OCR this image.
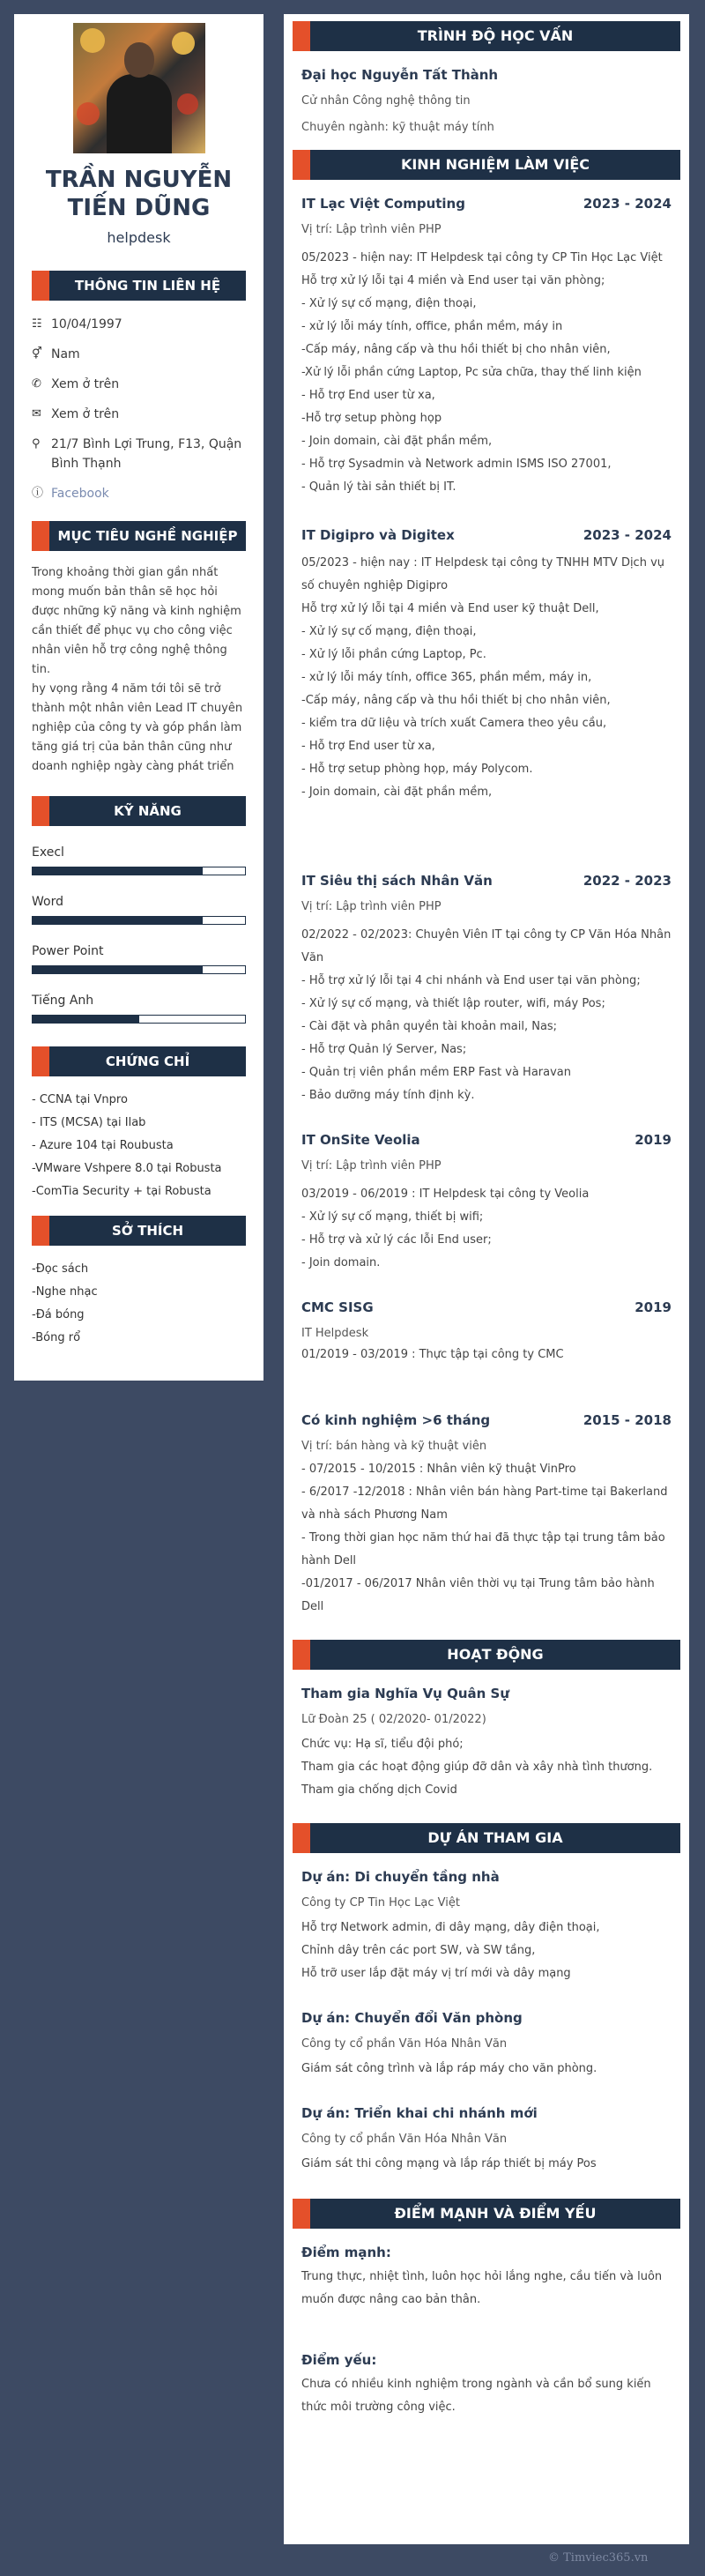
TRẦN NGUYỄN TIẾN DŨNG
helpdesk
THÔNG TIN LIÊN HỆ
☷ 10/04/1997
⚥ Nam
✆ Xem ở trên
✉ Xem ở trên
⚲ 21/7 Bình Lợi Trung, F13, Quận Bình Thạnh
ⓘ Facebook
MỤC TIÊU NGHỀ NGHIỆP
Trong khoảng thời gian gần nhất mong muốn bản thân sẽ học hỏi được những kỹ năng và kinh nghiệm cần thiết để phục vụ cho công việc nhân viên hỗ trợ công nghệ thông tin.
hy vọng rằng 4 năm tới tôi sẽ trở thành một nhân viên Lead IT chuyên nghiệp của công ty và góp phần làm tăng giá trị của bản thân cũng như doanh nghiệp ngày càng phát triển
KỸ NĂNG
Execl
Word
Power Point
Tiếng Anh
CHỨNG CHỈ
- CCNA tại Vnpro
- ITS (MCSA) tại Ilab
- Azure 104 tại Roubusta
-VMware Vshpere 8.0 tại Robusta
-ComTia Security + tại Robusta
SỞ THÍCH
-Đọc sách
-Nghe nhạc
-Đá bóng
-Bóng rổ
TRÌNH ĐỘ HỌC VẤN
Đại học Nguyễn Tất Thành
Cử nhân Công nghệ thông tin
Chuyên ngành: kỹ thuật máy tính
KINH NGHIỆM LÀM VIỆC
IT Lạc Việt Computing	2023 - 2024
Vị trí: Lập trình viên PHP
05/2023 - hiện nay: IT Helpdesk tại công ty CP Tin Học Lạc Việt
Hỗ trợ xử lý lỗi tại 4 miền và End user tại văn phòng;
- Xử lý sự cố mạng, điện thoại,
- xử lý lỗi máy tính, office, phần mềm, máy in
-Cấp máy, nâng cấp và thu hồi thiết bị cho nhân viên,
-Xử lý lỗi phần cứng Laptop, Pc sửa chữa, thay thế linh kiện
- Hỗ trợ End user từ xa,
-Hỗ trợ setup phòng họp
- Join domain, cài đặt phần mềm,
- Hỗ trợ Sysadmin và Network admin ISMS ISO 27001,
- Quản lý tài sản thiết bị IT.
IT Digipro và Digitex	2023 - 2024
05/2023 - hiện nay : IT Helpdesk tại công ty TNHH MTV Dịch vụ số chuyên nghiệp Digipro
Hỗ trợ xử lý lỗi tại 4 miền và End user kỹ thuật Dell,
- Xử lý sự cố mạng, điện thoại,
- Xử lý lỗi phần cứng Laptop, Pc.
- xử lý lỗi máy tính, office 365, phần mềm, máy in,
-Cấp máy, nâng cấp và thu hồi thiết bị cho nhân viên,
- kiểm tra dữ liệu và trích xuất Camera theo yêu cầu,
- Hỗ trợ End user từ xa,
- Hỗ trợ setup phòng họp, máy Polycom.
- Join domain, cài đặt phần mềm,
IT Siêu thị sách Nhân Văn	2022 - 2023
Vị trí: Lập trình viên PHP
02/2022 - 02/2023: Chuyên Viên IT tại công ty CP Văn Hóa Nhân Văn
- Hỗ trợ xử lý lỗi tại 4 chi nhánh và End user tại văn phòng;
- Xử lý sự cố mạng, và thiết lập router, wifi, máy Pos;
- Cài đặt và phân quyền tài khoản mail, Nas;
- Hỗ trợ Quản lý Server, Nas;
- Quản trị viên phần mềm ERP Fast và Haravan
- Bảo dưỡng máy tính định kỳ.
IT OnSite Veolia	2019
Vị trí: Lập trình viên PHP
03/2019 - 06/2019 : IT Helpdesk tại công ty Veolia
- Xử lý sự cố mạng, thiết bị wifi;
- Hỗ trợ và xử lý các lỗi End user;
- Join domain.
CMC SISG	2019
IT Helpdesk
01/2019 - 03/2019 : Thực tập tại công ty CMC
Có kinh nghiệm >6 tháng	2015 - 2018
Vị trí: bán hàng và kỹ thuật viên
- 07/2015 - 10/2015 : Nhân viên kỹ thuật VinPro
- 6/2017 -12/2018 : Nhân viên bán hàng Part-time tại Bakerland và nhà sách Phương Nam
- Trong thời gian học năm thứ hai đã thực tập tại trung tâm bảo hành Dell
-01/2017 - 06/2017 Nhân viên thời vụ tại Trung tâm bảo hành Dell
HOẠT ĐỘNG
Tham gia Nghĩa Vụ Quân Sự
Lữ Đoàn 25 ( 02/2020- 01/2022)
Chức vụ: Hạ sĩ, tiểu đội phó;
Tham gia các hoạt động giúp đỡ dân và xây nhà tình thương.
Tham gia chống dịch Covid
DỰ ÁN THAM GIA
Dự án: Di chuyển tầng nhà
Công ty CP Tin Học Lạc Việt
Hỗ trợ Network admin, đi dây mạng, dây điện thoại,
Chỉnh dây trên các port SW, và SW tầng,
Hỗ trỡ user lắp đặt máy vị trí mới và dây mạng
Dự án: Chuyển đổi Văn phòng
Công ty cổ phần Văn Hóa Nhân Văn
Giám sát công trình và lắp ráp máy cho văn phòng.
Dự án: Triển khai chi nhánh mới
Công ty cổ phần Văn Hóa Nhân Văn
Giám sát thi công mạng và lắp ráp thiết bị máy Pos
ĐIỂM MẠNH VÀ ĐIỂM YẾU
Điểm mạnh:
Trung thực, nhiệt tình, luôn học hỏi lắng nghe, cầu tiến và luôn muốn được nâng cao bản thân.
Điểm yếu:
Chưa có nhiều kinh nghiệm trong ngành và cần bổ sung kiến thức môi trường công việc.
© Timviec365.vn
